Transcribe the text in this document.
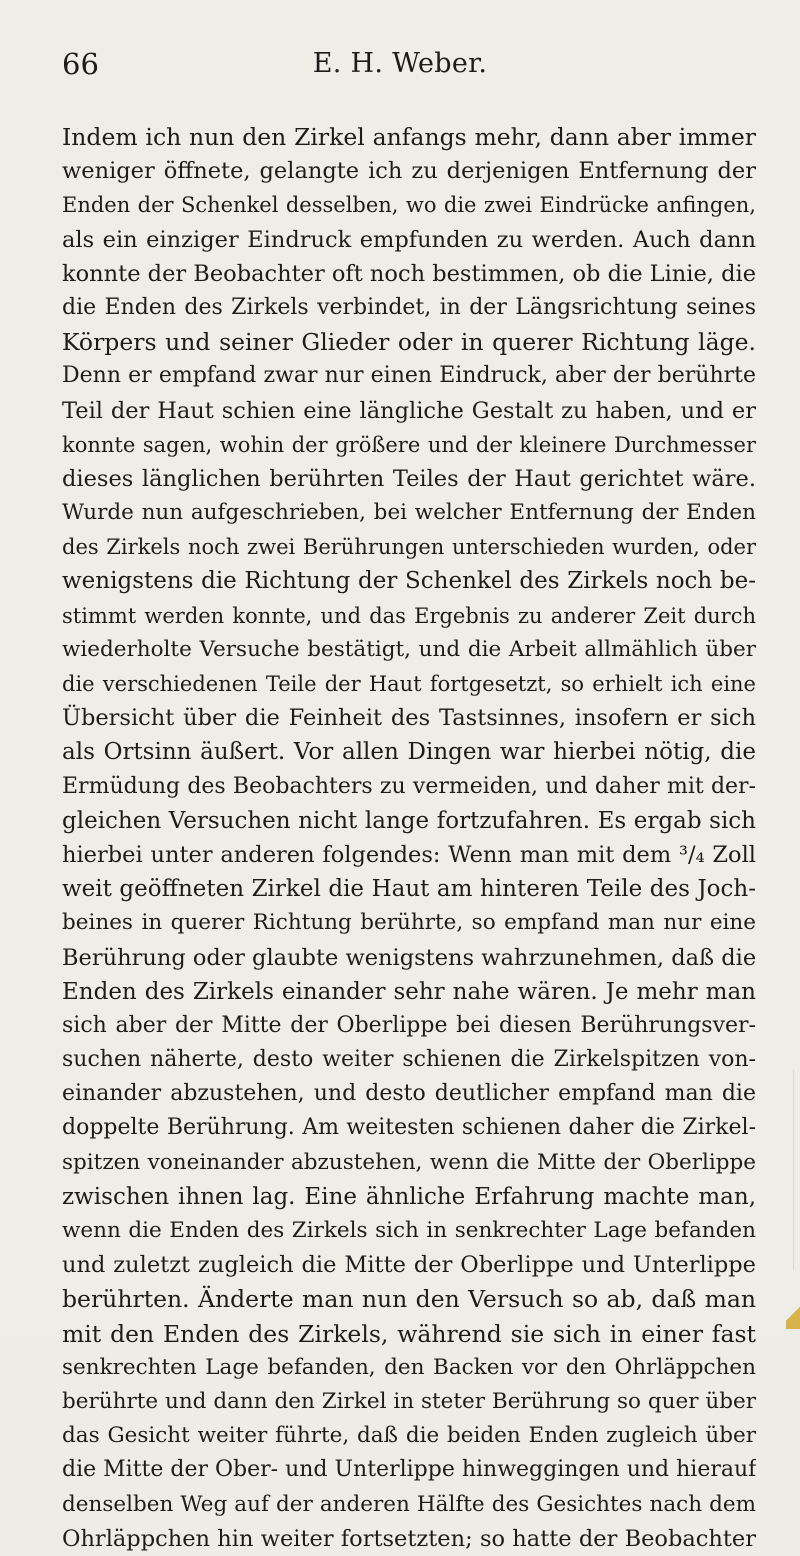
66	E. H. Weber.
Indem ich nun den Zirkel anfangs mehr, dann aber immer
weniger öffnete, gelangte ich zu derjenigen Entfernung der
Enden der Schenkel desselben, wo die zwei Eindrücke anfingen,
als ein einziger Eindruck empfunden zu werden. Auch dann
konnte der Beobachter oft noch bestimmen, ob die Linie, die
die Enden des Zirkels verbindet, in der Längsrichtung seines
Körpers und seiner Glieder oder in querer Richtung läge.
Denn er empfand zwar nur einen Eindruck, aber der berührte
Teil der Haut schien eine längliche Gestalt zu haben, und er
konnte sagen, wohin der größere und der kleinere Durchmesser
dieses länglichen berührten Teiles der Haut gerichtet wäre.
Wurde nun aufgeschrieben, bei welcher Entfernung der Enden
des Zirkels noch zwei Berührungen unterschieden wurden, oder
wenigstens die Richtung der Schenkel des Zirkels noch be-
stimmt werden konnte, und das Ergebnis zu anderer Zeit durch
wiederholte Versuche bestätigt, und die Arbeit allmählich über
die verschiedenen Teile der Haut fortgesetzt, so erhielt ich eine
Übersicht über die Feinheit des Tastsinnes, insofern er sich
als Ortsinn äußert. Vor allen Dingen war hierbei nötig, die
Ermüdung des Beobachters zu vermeiden, und daher mit der-
gleichen Versuchen nicht lange fortzufahren. Es ergab sich
hierbei unter anderen folgendes: Wenn man mit dem ³/₄ Zoll
weit geöffneten Zirkel die Haut am hinteren Teile des Joch-
beines in querer Richtung berührte, so empfand man nur eine
Berührung oder glaubte wenigstens wahrzunehmen, daß die
Enden des Zirkels einander sehr nahe wären. Je mehr man
sich aber der Mitte der Oberlippe bei diesen Berührungsver-
suchen näherte, desto weiter schienen die Zirkelspitzen von-
einander abzustehen, und desto deutlicher empfand man die
doppelte Berührung. Am weitesten schienen daher die Zirkel-
spitzen voneinander abzustehen, wenn die Mitte der Oberlippe
zwischen ihnen lag. Eine ähnliche Erfahrung machte man,
wenn die Enden des Zirkels sich in senkrechter Lage befanden
und zuletzt zugleich die Mitte der Oberlippe und Unterlippe
berührten. Änderte man nun den Versuch so ab, daß man
mit den Enden des Zirkels, während sie sich in einer fast
senkrechten Lage befanden, den Backen vor den Ohrläppchen
berührte und dann den Zirkel in steter Berührung so quer über
das Gesicht weiter führte, daß die beiden Enden zugleich über
die Mitte der Ober- und Unterlippe hinweggingen und hierauf
denselben Weg auf der anderen Hälfte des Gesichtes nach dem
Ohrläppchen hin weiter fortsetzten; so hatte der Beobachter
